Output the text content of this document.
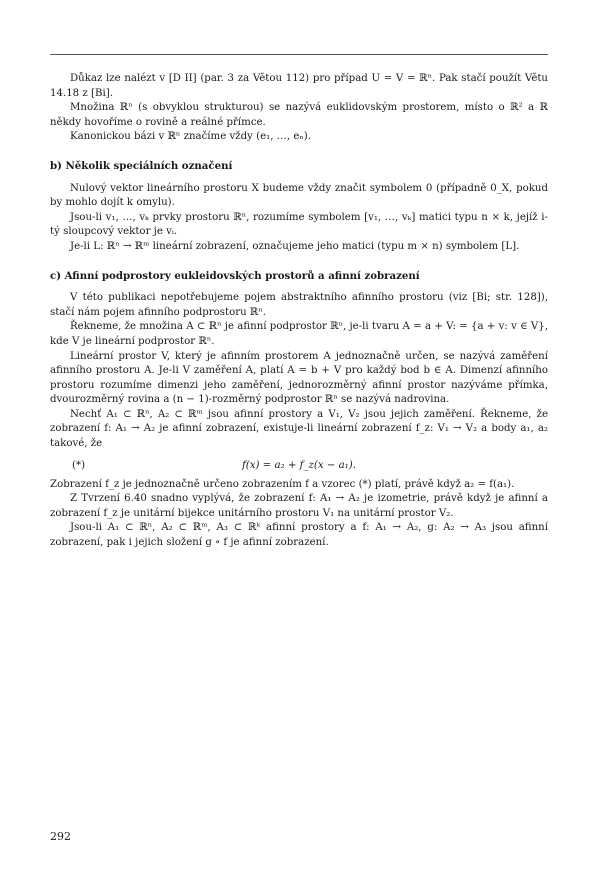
Důkaz lze nalézt v [D II] (par. 3 za Větou 112) pro případ U = V = ℝⁿ. Pak stačí použít Větu 14.18 z [Bi].

Množina ℝⁿ (s obvyklou strukturou) se nazývá euklidovským prostorem, místo o ℝ² a ℝ někdy hovoříme o rovině a reálné přímce.

Kanonickou bázi v ℝⁿ značíme vždy (e₁, …, eₙ).

b) Několik speciálních označení

Nulový vektor lineárního prostoru X budeme vždy značit symbolem 0 (případně 0_X, pokud by mohlo dojít k omylu).

Jsou-li v₁, …, vₖ prvky prostoru ℝⁿ, rozumíme symbolem [v₁, …, vₖ] matici typu n × k, jejíž i-tý sloupcový vektor je vᵢ.

Je-li L: ℝⁿ → ℝᵐ lineární zobrazení, označujeme jeho matici (typu m × n) symbolem [L].

c) Afinní podprostory eukleidovských prostorů a afinní zobrazení

V této publikaci nepotřebujeme pojem abstraktního afinního prostoru (viz [Bi; str. 128]), stačí nám pojem afinního podprostoru ℝⁿ.

Řekneme, že množina A ⊂ ℝⁿ je afinní podprostor ℝⁿ, je-li tvaru A = a + V: = {a + v: v ∈ V}, kde V je lineární podprostor ℝⁿ.

Lineární prostor V, který je afinním prostorem A jednoznačně určen, se nazývá zaměření afinního prostoru A. Je-li V zaměření A, platí A = b + V pro každý bod b ∈ A. Dimenzí afinního prostoru rozumíme dimenzi jeho zaměření, jednorozměrný afinní prostor nazýváme přímka, dvourozměrný rovina a (n − 1)-rozměrný podprostor ℝⁿ se nazývá nadrovina.

Nechť A₁ ⊂ ℝⁿ, A₂ ⊂ ℝᵐ jsou afinní prostory a V₁, V₂ jsou jejich zaměření. Řekneme, že zobrazení f: A₁ → A₂ je afinní zobrazení, existuje-li lineární zobrazení f_z: V₁ → V₂ a body a₁, a₂ takové, že

(*)	f(x) = a₂ + f_z(x − a₁).

Zobrazení f_z je jednoznačně určeno zobrazením f a vzorec (*) platí, právě když a₂ = f(a₁).

Z Tvrzení 6.40 snadno vyplývá, že zobrazení f: A₁ → A₂ je izometrie, právě když je afinní a zobrazení f_z je unitární bijekce unitárního prostoru V₁ na unitární prostor V₂.

Jsou-li A₁ ⊂ ℝⁿ, A₂ ⊂ ℝᵐ, A₃ ⊂ ℝᵏ afinní prostory a f: A₁ → A₂, g: A₂ → A₃ jsou afinní zobrazení, pak i jejich složení g ∘ f je afinní zobrazení.

292
